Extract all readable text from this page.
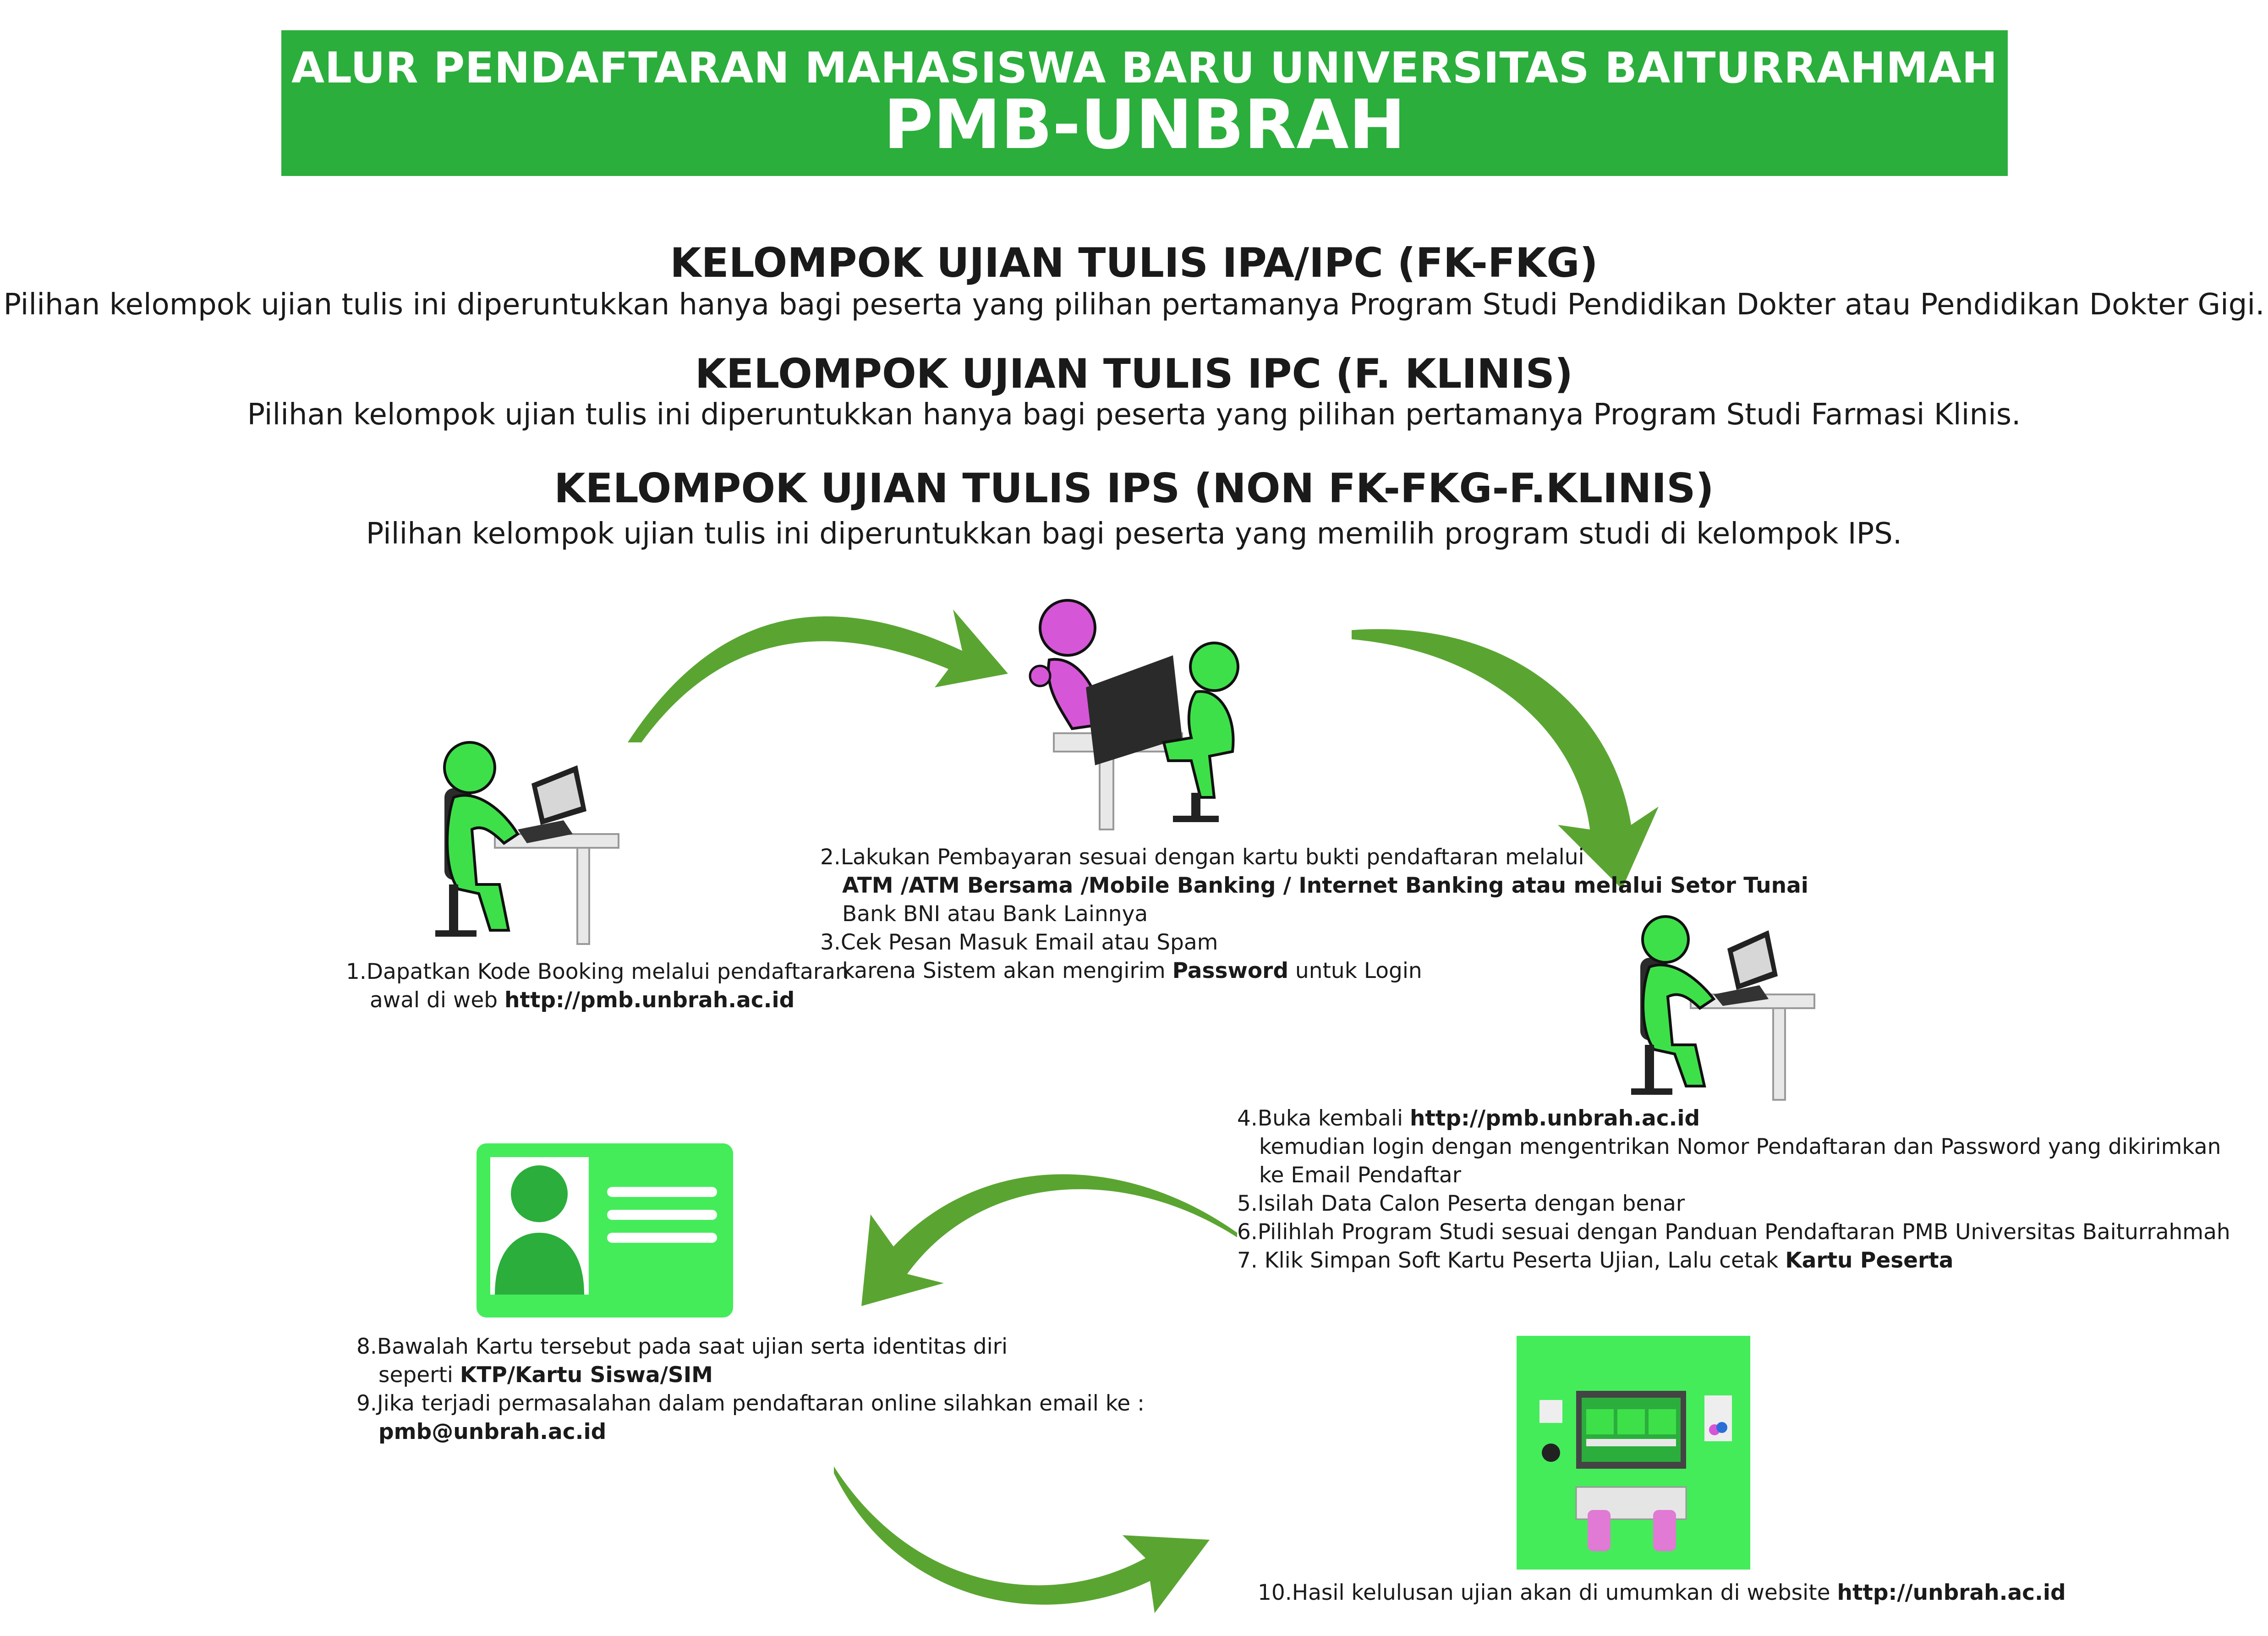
ALUR PENDAFTARAN MAHASISWA BARU UNIVERSITAS BAITURRAHMAH
PMB-UNBRAH
KELOMPOK UJIAN TULIS IPA/IPC (FK-FKG)
Pilihan kelompok ujian tulis ini diperuntukkan hanya bagi peserta yang pilihan pertamanya Program Studi Pendidikan Dokter atau Pendidikan Dokter Gigi.
KELOMPOK UJIAN TULIS IPC (F. KLINIS)
Pilihan kelompok ujian tulis ini diperuntukkan hanya bagi peserta yang pilihan pertamanya Program Studi Farmasi Klinis.
KELOMPOK UJIAN TULIS IPS (NON FK-FKG-F.KLINIS)
Pilihan kelompok ujian tulis ini diperuntukkan bagi peserta yang memilih program studi di kelompok IPS.
1.Dapatkan Kode Booking melalui pendaftaran
awal di web http://pmb.unbrah.ac.id
2.Lakukan Pembayaran sesuai dengan kartu bukti pendaftaran melalui
ATM /ATM Bersama /Mobile Banking / Internet Banking atau melalui Setor Tunai
Bank BNI atau Bank Lainnya
3.Cek Pesan Masuk Email atau Spam
karena Sistem akan mengirim Password untuk Login
4.Buka kembali http://pmb.unbrah.ac.id
kemudian login dengan mengentrikan Nomor Pendaftaran dan Password yang dikirimkan
ke Email Pendaftar
5.Isilah Data Calon Peserta dengan benar
6.Pilihlah Program Studi sesuai dengan Panduan Pendaftaran PMB Universitas Baiturrahmah
7. Klik Simpan Soft Kartu Peserta Ujian, Lalu cetak Kartu Peserta
8.Bawalah Kartu tersebut pada saat ujian serta identitas diri
seperti KTP/Kartu Siswa/SIM
9.Jika terjadi permasalahan dalam pendaftaran online silahkan email ke :
pmb@unbrah.ac.id
10.Hasil kelulusan ujian akan di umumkan di website http://unbrah.ac.id
